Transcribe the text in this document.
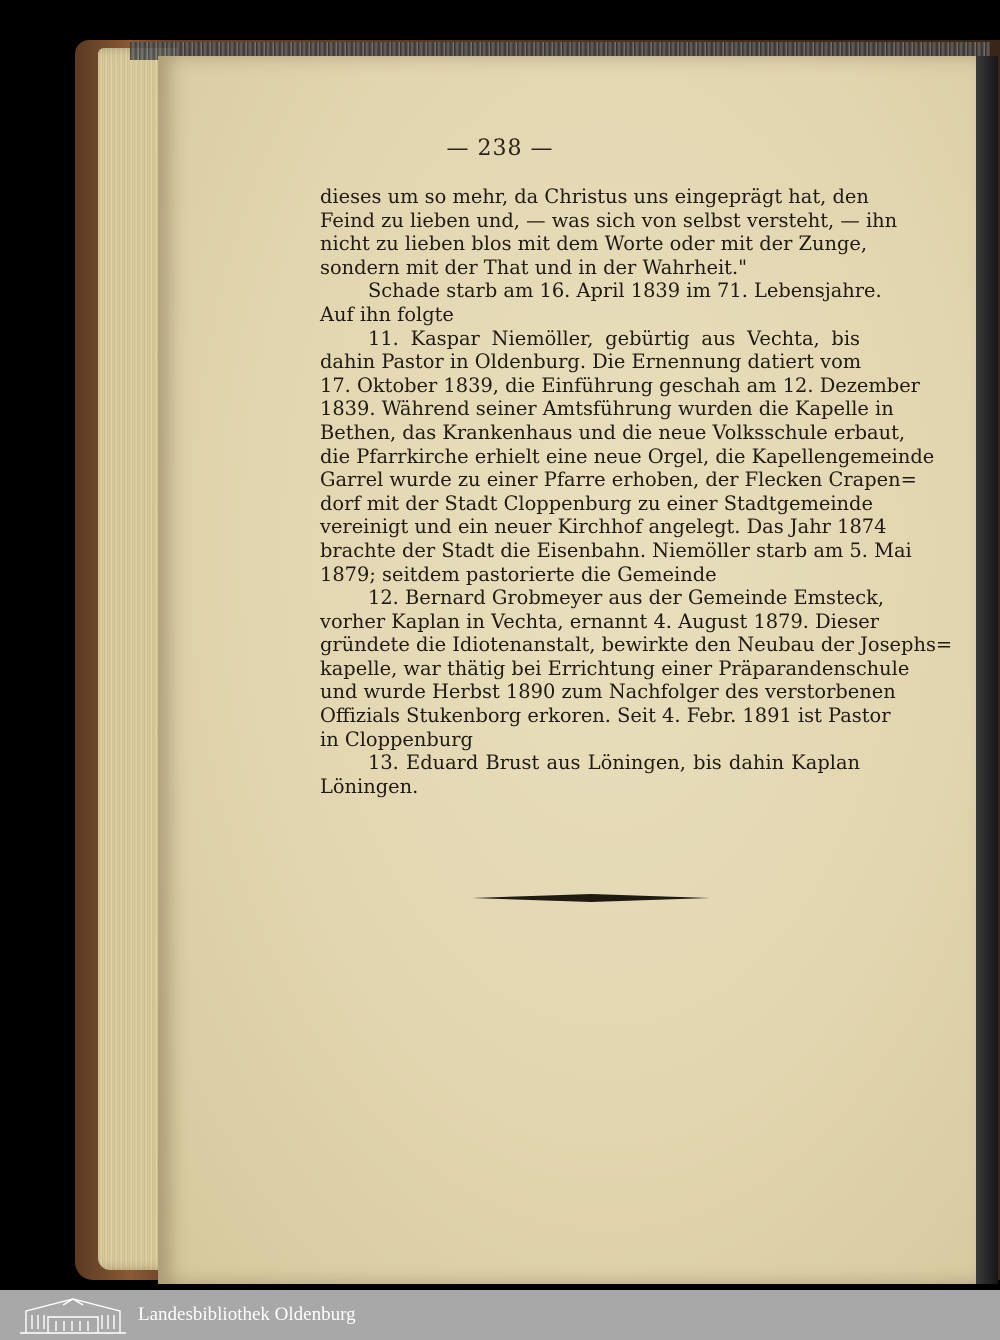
— 238 —
dieses um so mehr, da Christus uns eingeprägt hat, den
Feind zu lieben und, — was sich von selbst versteht, — ihn
nicht zu lieben blos mit dem Worte oder mit der Zunge,
sondern mit der That und in der Wahrheit."
Schade starb am 16. April 1839 im 71. Lebensjahre.
Auf ihn folgte
11. Kaspar Niemöller, gebürtig aus Vechta, bis
dahin Pastor in Oldenburg. Die Ernennung datiert vom
17. Oktober 1839, die Einführung geschah am 12. Dezember
1839. Während seiner Amtsführung wurden die Kapelle in
Bethen, das Krankenhaus und die neue Volksschule erbaut,
die Pfarrkirche erhielt eine neue Orgel, die Kapellengemeinde
Garrel wurde zu einer Pfarre erhoben, der Flecken Crapen=
dorf mit der Stadt Cloppenburg zu einer Stadtgemeinde
vereinigt und ein neuer Kirchhof angelegt. Das Jahr 1874
brachte der Stadt die Eisenbahn. Niemöller starb am 5. Mai
1879; seitdem pastorierte die Gemeinde
12. Bernard Grobmeyer aus der Gemeinde Emsteck,
vorher Kaplan in Vechta, ernannt 4. August 1879. Dieser
gründete die Idiotenanstalt, bewirkte den Neubau der Josephs=
kapelle, war thätig bei Errichtung einer Präparandenschule
und wurde Herbst 1890 zum Nachfolger des verstorbenen
Offizials Stukenborg erkoren. Seit 4. Febr. 1891 ist Pastor
in Cloppenburg
13. Eduard Brust aus Löningen, bis dahin Kaplan
Löningen.
Landesbibliothek Oldenburg
